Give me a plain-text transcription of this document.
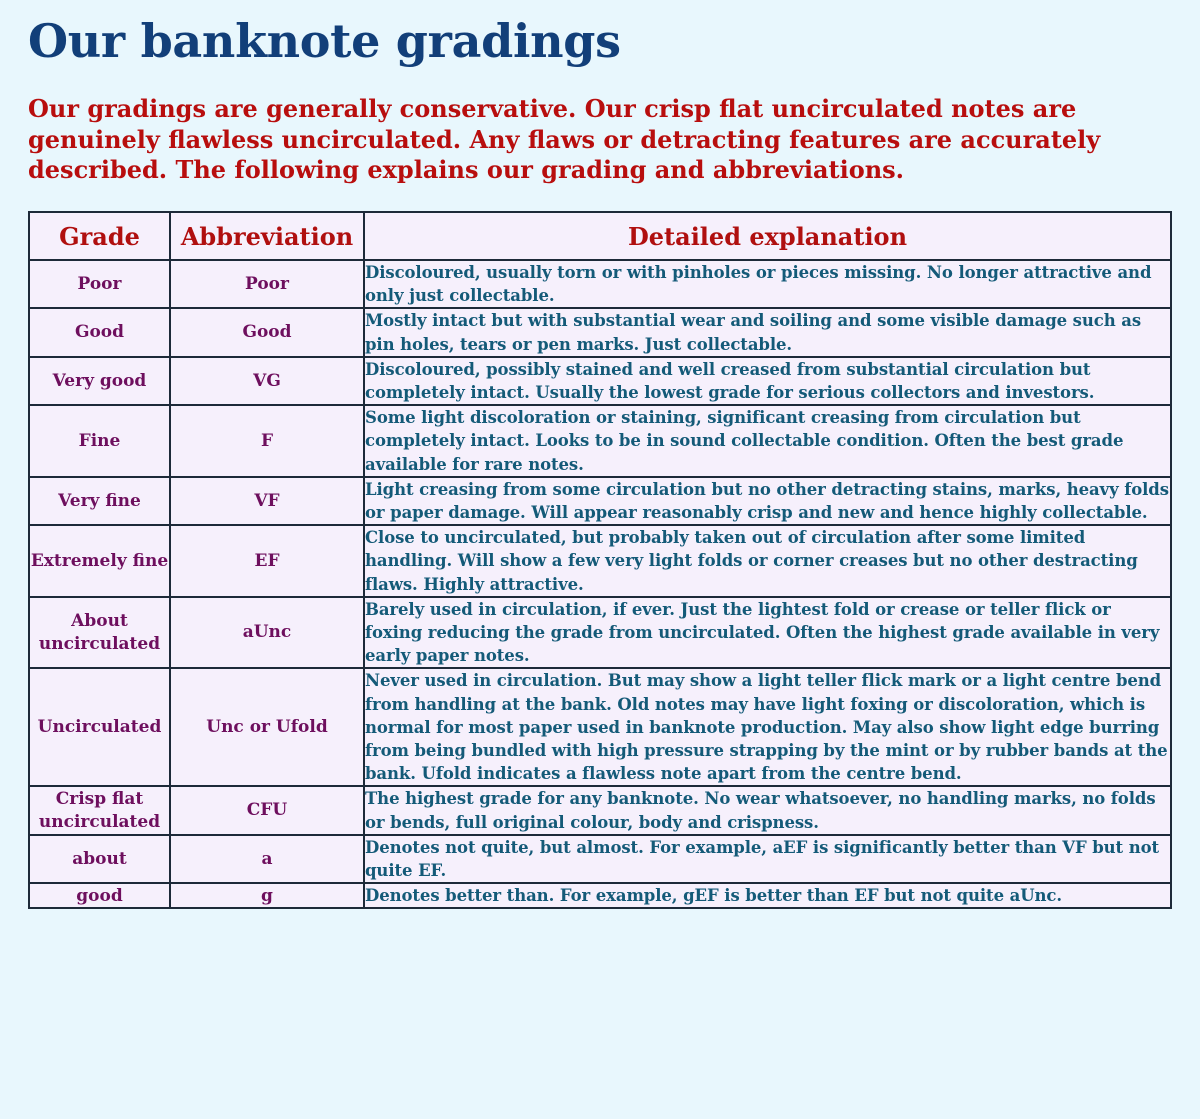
Our banknote gradings

Our gradings are generally conservative. Our crisp flat uncirculated notes are genuinely flawless uncirculated. Any flaws or detracting features are accurately described. The following explains our grading and abbreviations.

Grade	Abbreviation	Detailed explanation
Poor	Poor	Discoloured, usually torn or with pinholes or pieces missing. No longer attractive and only just collectable.
Good	Good	Mostly intact but with substantial wear and soiling and some visible damage such as pin holes, tears or pen marks. Just collectable.
Very good	VG	Discoloured, possibly stained and well creased from substantial circulation but completely intact. Usually the lowest grade for serious collectors and investors.
Fine	F	Some light discoloration or staining, significant creasing from circulation but completely intact. Looks to be in sound collectable condition. Often the best grade available for rare notes.
Very fine	VF	Light creasing from some circulation but no other detracting stains, marks, heavy folds or paper damage. Will appear reasonably crisp and new and hence highly collectable.
Extremely fine	EF	Close to uncirculated, but probably taken out of circulation after some limited handling. Will show a few very light folds or corner creases but no other destracting flaws. Highly attractive.
About uncirculated	aUnc	Barely used in circulation, if ever. Just the lightest fold or crease or teller flick or foxing reducing the grade from uncirculated. Often the highest grade available in very early paper notes.
Uncirculated	Unc or Ufold	Never used in circulation. But may show a light teller flick mark or a light centre bend from handling at the bank. Old notes may have light foxing or discoloration, which is normal for most paper used in banknote production. May also show light edge burring from being bundled with high pressure strapping by the mint or by rubber bands at the bank. Ufold indicates a flawless note apart from the centre bend.
Crisp flat uncirculated	CFU	The highest grade for any banknote. No wear whatsoever, no handling marks, no folds or bends, full original colour, body and crispness.
about	a	Denotes not quite, but almost. For example, aEF is significantly better than VF but not quite EF.
good	g	Denotes better than. For example, gEF is better than EF but not quite aUnc.
